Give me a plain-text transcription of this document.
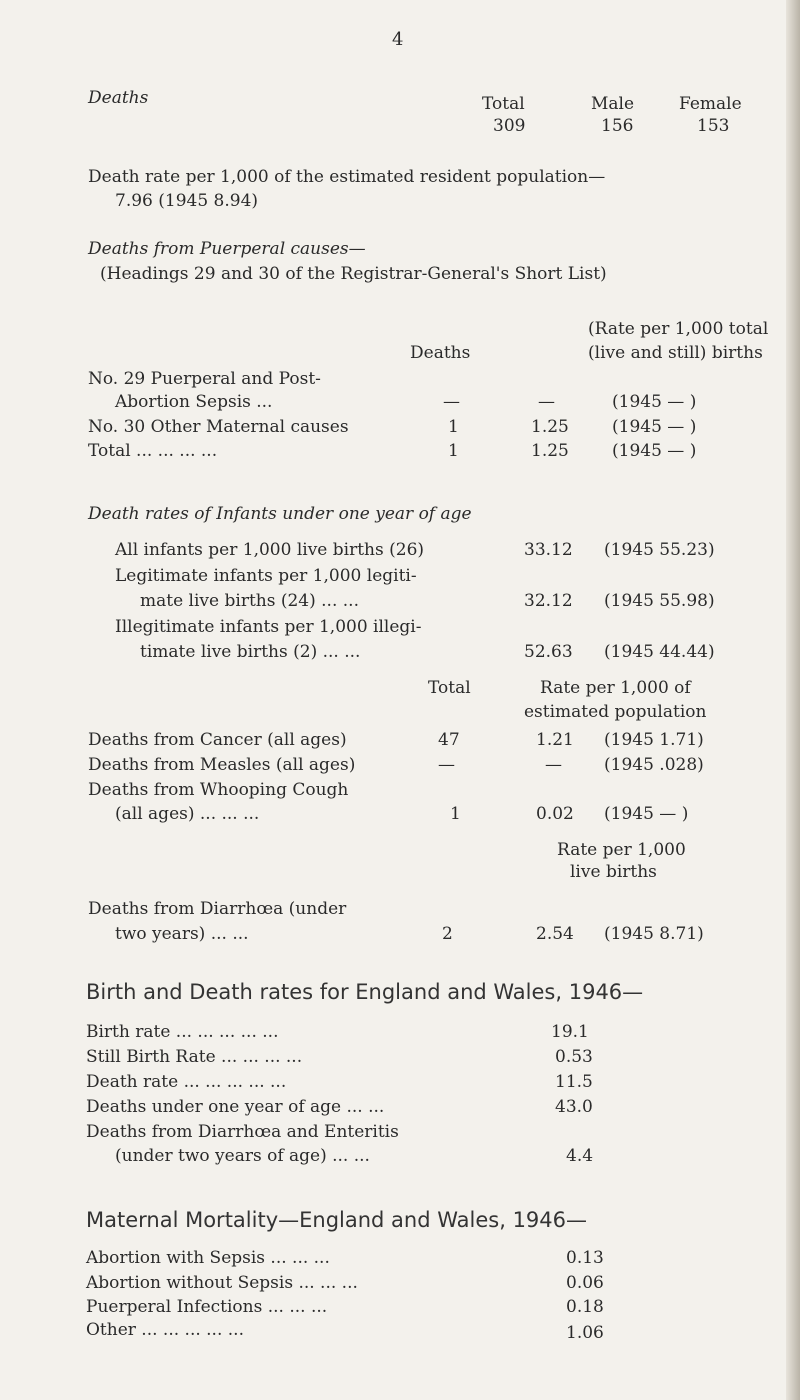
4
Deaths	Total	Male	Female
309	156	153
Death rate per 1,000 of the estimated resident population—
7.96 (1945 8.94)
Deaths from Puerperal causes—
(Headings 29 and 30 of the Registrar-General's Short List)
(Rate per 1,000 total
Deaths	(live and still) births
No. 29 Puerperal and Post-
Abortion Sepsis ...	—	—	(1945 — )
No. 30 Other Maternal causes	1	1.25	(1945 — )
Total ... ... ... ...	1	1.25	(1945 — )
Death rates of Infants under one year of age
All infants per 1,000 live births (26)	33.12 (1945 55.23)
Legitimate infants per 1,000 legiti-
mate live births (24) ... ...	32.12 (1945 55.98)
Illegitimate infants per 1,000 illegi-
timate live births (2) ... ...	52.63 (1945 44.44)
Total	Rate per 1,000 of
estimated population
Deaths from Cancer (all ages)	47	1.21 (1945 1.71)
Deaths from Measles (all ages)	—	— (1945 .028)
Deaths from Whooping Cough
(all ages) ... ... ...	1	0.02 (1945 — )
Rate per 1,000
live births
Deaths from Diarrhœa (under
two years) ... ...	2	2.54 (1945 8.71)
Birth and Death rates for England and Wales, 1946—
Birth rate ... ... ... ... ...	19.1
Still Birth Rate ... ... ... ...	0.53
Death rate ... ... ... ... ...	11.5
Deaths under one year of age ... ...	43.0
Deaths from Diarrhœa and Enteritis
(under two years of age) ... ...	4.4
Maternal Mortality—England and Wales, 1946—
Abortion with Sepsis ... ... ...	0.13
Abortion without Sepsis ... ... ...	0.06
Puerperal Infections ... ... ...	0.18
Other ... ... ... ... ...	1.06
